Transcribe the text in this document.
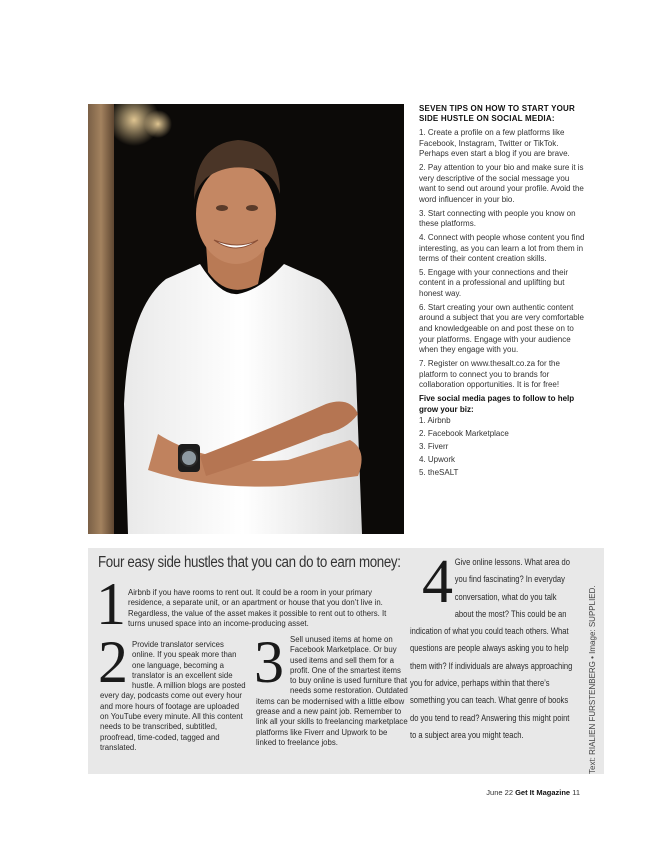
SEVEN TIPS ON HOW TO START YOUR SIDE HUSTLE ON SOCIAL MEDIA:

1. Create a profile on a few platforms like Facebook, Instagram, Twitter or TikTok. Perhaps even start a blog if you are brave.

2. Pay attention to your bio and make sure it is very descriptive of the social message you want to send out around your profile. Avoid the word influencer in your bio.

3. Start connecting with people you know on these platforms.

4. Connect with people whose content you find interesting, as you can learn a lot from them in terms of their content creation skills.

5. Engage with your connections and their content in a professional and uplifting but honest way.

6. Start creating your own authentic content around a subject that you are very comfortable and knowledgeable on and post these on to your platforms. Engage with your audience when they engage with you.

7. Register on www.thesalt.co.za for the platform to connect you to brands for collaboration opportunities. It is for free!

Five social media pages to follow to help grow your biz:
1. Airbnb
2. Facebook Marketplace
3. Fiverr
4. Upwork
5. theSALT
Four easy side hustles that you can do to earn money:
1 Airbnb if you have rooms to rent out. It could be a room in your primary residence, a separate unit, or an apartment or house that you don’t live in. Regardless, the value of the asset makes it possible to rent out to others. It turns unused space into an income-producing asset.
2 Provide translator services online. If you speak more than one language, becoming a translator is an excellent side hustle. A million blogs are posted every day, podcasts come out every hour and more hours of footage are uploaded on YouTube every minute. All this content needs to be transcribed, subtitled, proofread, time-coded, tagged and translated.
3 Sell unused items at home on Facebook Marketplace. Or buy used items and sell them for a profit. One of the smartest items to buy online is used furniture that needs some restoration. Outdated items can be modernised with a little elbow grease and a new paint job. Remember to link all your skills to freelancing marketplace platforms like Fiverr and Upwork to be linked to freelance jobs.
4 Give online lessons. What area do you find fascinating? In everyday conversation, what do you talk about the most? This could be an indication of what you could teach others. What questions are people always asking you to help them with? If individuals are always approaching you for advice, perhaps within that there’s something you can teach. What genre of books do you tend to read? Answering this might point to a subject area you might teach.	Text: RIALIEN FURSTENBERG • Image: SUPPLIED.
June 22 Get It Magazine 11
